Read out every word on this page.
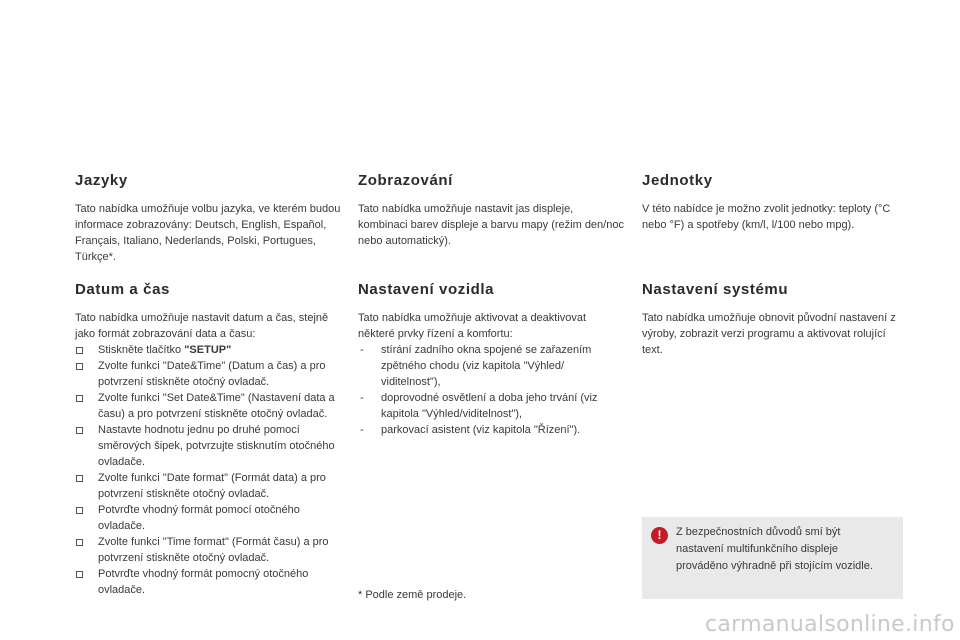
Jazyky

Tato nabídka umožňuje volbu jazyka, ve kterém budou informace zobrazovány: Deutsch, English, Español, Français, Italiano, Nederlands, Polski, Portugues, Türkçe*.

Datum a čas

Tato nabídka umožňuje nastavit datum a čas, stejně jako formát zobrazování data a času:

Stiskněte tlačítko "SETUP"
Zvolte funkci "Date&Time" (Datum a čas) a pro potvrzení stiskněte otočný ovladač.
Zvolte funkci "Set Date&Time" (Nastavení data a času) a pro potvrzení stiskněte otočný ovladač.
Nastavte hodnotu jednu po druhé pomocí směrových šipek, potvrzujte stisknutím otočného ovladače.
Zvolte funkci "Date format" (Formát data) a pro potvrzení stiskněte otočný ovladač.
Potvrďte vhodný formát pomocí otočného ovladače.
Zvolte funkci "Time format" (Formát času) a pro potvrzení stiskněte otočný ovladač.
Potvrďte vhodný formát pomocný otočného ovladače.
Zobrazování

Tato nabídka umožňuje nastavit jas displeje, kombinaci barev displeje a barvu mapy (režim den/noc nebo automatický).

Nastavení vozidla

Tato nabídka umožňuje aktivovat a deaktivovat některé prvky řízení a komfortu:

- stírání zadního okna spojené se zařazením zpětného chodu (viz kapitola "Výhled/ viditelnost"),
- doprovodné osvětlení a doba jeho trvání (viz kapitola "Výhled/viditelnost"),
- parkovací asistent (viz kapitola "Řízení").

* Podle země prodeje.

Jednotky

V této nabídce je možno zvolit jednotky: teploty (°C nebo °F) a spotřeby (km/l, l/100 nebo mpg).

Nastavení systému

Tato nabídka umožňuje obnovit původní nastavení z výroby, zobrazit verzi programu a aktivovat rolující text.

!

Z bezpečnostních důvodů smí být nastavení multifunkčního displeje prováděno výhradně při stojícím vozidle.

carmanualsonline.info
